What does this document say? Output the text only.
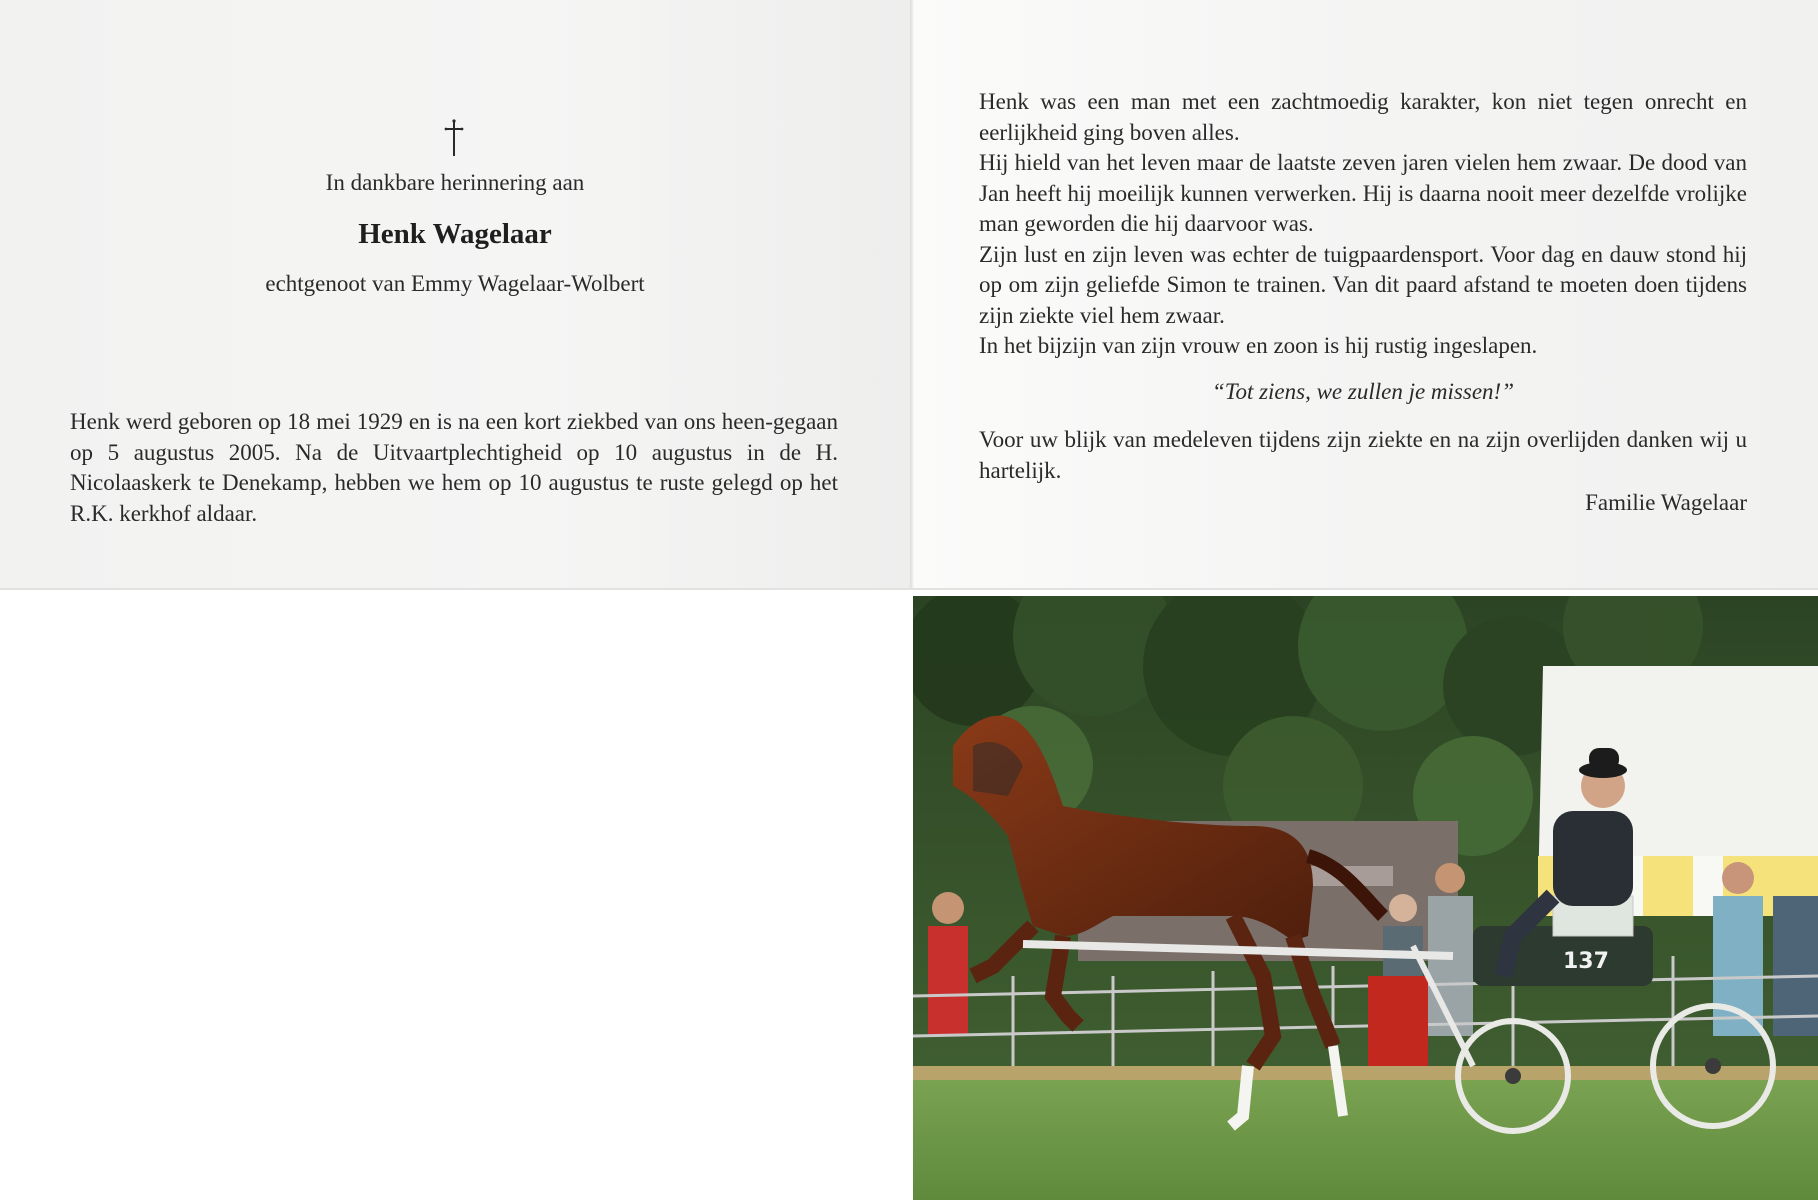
In dankbare herinnering aan

Henk Wagelaar

echtgenoot van Emmy Wagelaar-Wolbert

Henk werd geboren op 18 mei 1929 en is na een kort ziekbed van ons heen-gegaan op 5 augustus 2005. Na de Uitvaartplechtigheid op 10 augustus in de H. Nicolaaskerk te Denekamp, hebben we hem op 10 augustus te ruste gelegd op het R.K. kerkhof aldaar.

Henk was een man met een zachtmoedig karakter, kon niet tegen onrecht en eerlijkheid ging boven alles.

Hij hield van het leven maar de laatste zeven jaren vielen hem zwaar. De dood van Jan heeft hij moeilijk kunnen verwerken. Hij is daarna nooit meer dezelfde vrolijke man geworden die hij daarvoor was.

Zijn lust en zijn leven was echter de tuigpaardensport. Voor dag en dauw stond hij op om zijn geliefde Simon te trainen. Van dit paard afstand te moeten doen tijdens zijn ziekte viel hem zwaar.

In het bijzijn van zijn vrouw en zoon is hij rustig ingeslapen.

“Tot ziens, we zullen je missen!”

Voor uw blijk van medeleven tijdens zijn ziekte en na zijn overlijden danken wij u hartelijk.

Familie Wagelaar

137
